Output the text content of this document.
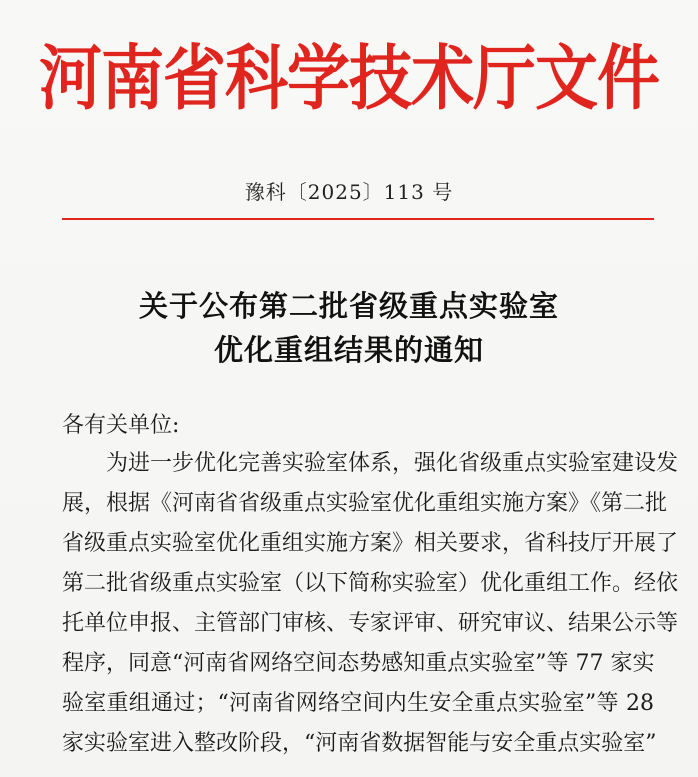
河南省科学技术厅文件
豫科〔2025〕113 号
关于公布第二批省级重点实验室
优化重组结果的通知
各有关单位:
为进一步优化完善实验室体系，强化省级重点实验室建设发
展，根据《河南省省级重点实验室优化重组实施方案》《第二批
省级重点实验室优化重组实施方案》相关要求，省科技厅开展了
第二批省级重点实验室（以下简称实验室）优化重组工作。经依
托单位申报、主管部门审核、专家评审、研究审议、结果公示等
程序，同意“河南省网络空间态势感知重点实验室”等 77 家实
验室重组通过；“河南省网络空间内生安全重点实验室”等 28
家实验室进入整改阶段，“河南省数据智能与安全重点实验室”
